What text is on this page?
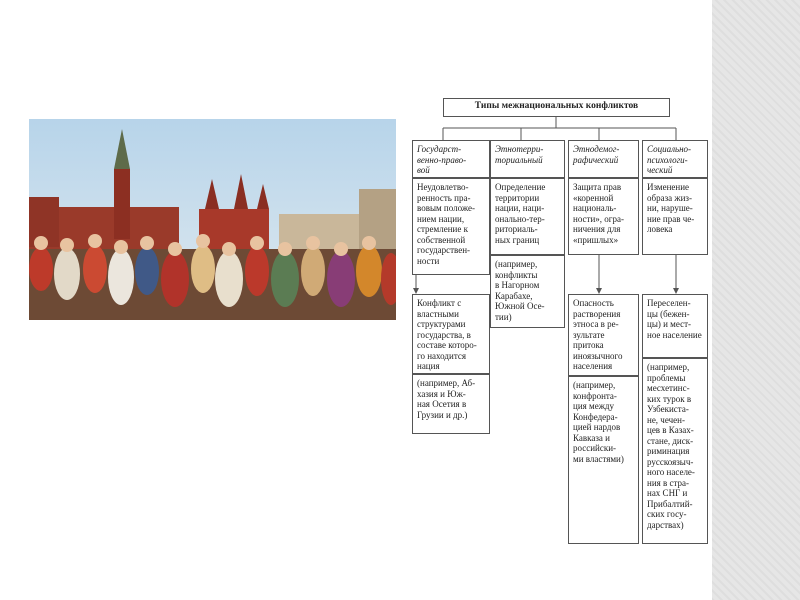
Типы межнациональных конфликтов
Государст-
венно-право-
вой
Неудовлетво-
ренность пра-
вовым положе-
нием нации,
стремление к
собственной
государствен-
ности
Конфликт с
властными
структурами
государства, в
составе которо-
го находится
нация
(например, Аб-
хазия и Юж-
ная Осетия в
Грузии и др.)
Этнотерри-
ториальный
Определение
территории
нации, наци-
онально-тер-
риториаль-
ных границ
(например,
конфликты
в Нагорном
Карабахе,
Южной Осе-
тии)
Этнодемог-
рафический
Защита прав
«коренной
националь-
ности», огра-
ничения для
«пришлых»
Опасность
растворения
этноса в ре-
зультате
притока
иноязычного
населения
(например,
конфронта-
ция между
Конфедера-
цией нардов
Кавказа и
российски-
ми властями)
Социально-
психологи-
ческий
Изменение
образа жиз-
ни, наруше-
ние прав че-
ловека
Переселен-
цы (бежен-
цы) и мест-
ное население
(например,
проблемы
месхетинс-
ких турок в
Узбекиста-
не, чечен-
цев в Казах-
стане, диск-
риминация
русскоязыч-
ного населе-
ния в стра-
нах СНГ и
Прибалтий-
ских госу-
дарствах)
